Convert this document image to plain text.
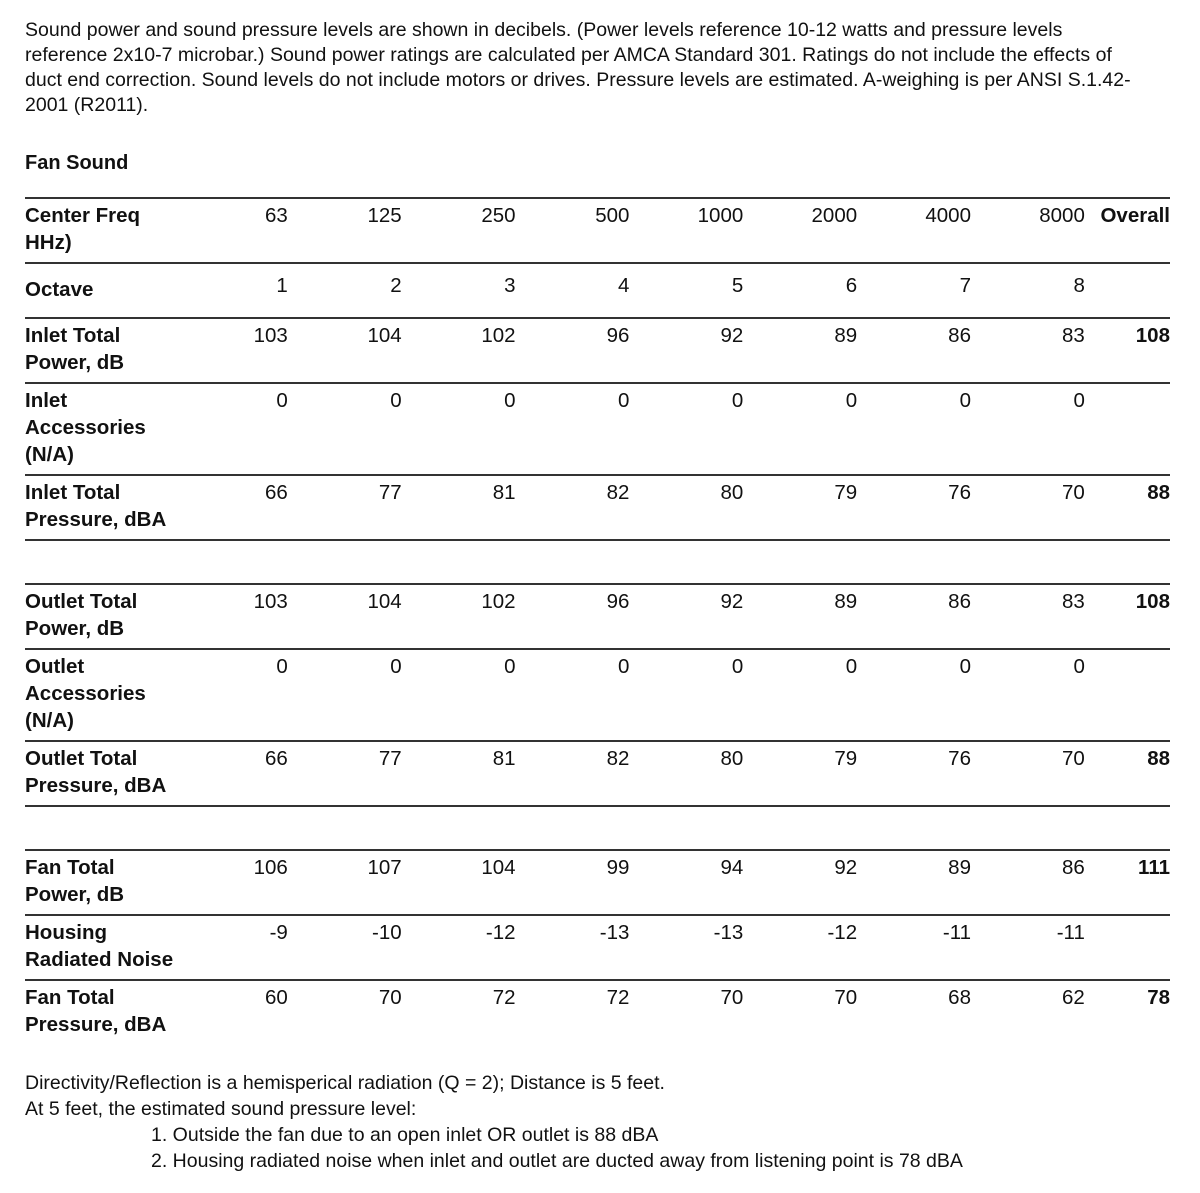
Sound power and sound pressure levels are shown in decibels. (Power levels reference 10-12 watts and pressure levels reference 2x10-7 microbar.) Sound power ratings are calculated per AMCA Standard 301. Ratings do not include the effects of duct end correction. Sound levels do not include motors or drives. Pressure levels are estimated. A-weighing is per ANSI S.1.42-2001 (R2011).
Fan Sound
Center Freq
HHz)	63	125	250	500	1000	2000	4000	8000	Overall
Octave	1	2	3	4	5	6	7	8	

Inlet Total
Power, dB	103	104	102	96	92	89	86	83	108

Inlet
Accessories
(N/A)	0	0	0	0	0	0	0	0	

Inlet Total
Pressure, dBA	66	77	81	82	80	79	76	70	88

Outlet Total
Power, dB	103	104	102	96	92	89	86	83	108

Outlet
Accessories
(N/A)	0	0	0	0	0	0	0	0	

Outlet Total
Pressure, dBA	66	77	81	82	80	79	76	70	88

Fan Total
Power, dB	106	107	104	99	94	92	89	86	111

Housing
Radiated Noise	-9	-10	-12	-13	-13	-12	-11	-11	

Fan Total
Pressure, dBA	60	70	72	72	70	70	68	62	78
Directivity/Reflection is a hemisperical radiation (Q = 2); Distance is 5 feet.
At 5 feet, the estimated sound pressure level:
1. Outside the fan due to an open inlet OR outlet is 88 dBA
2. Housing radiated noise when inlet and outlet are ducted away from listening point is 78 dBA
